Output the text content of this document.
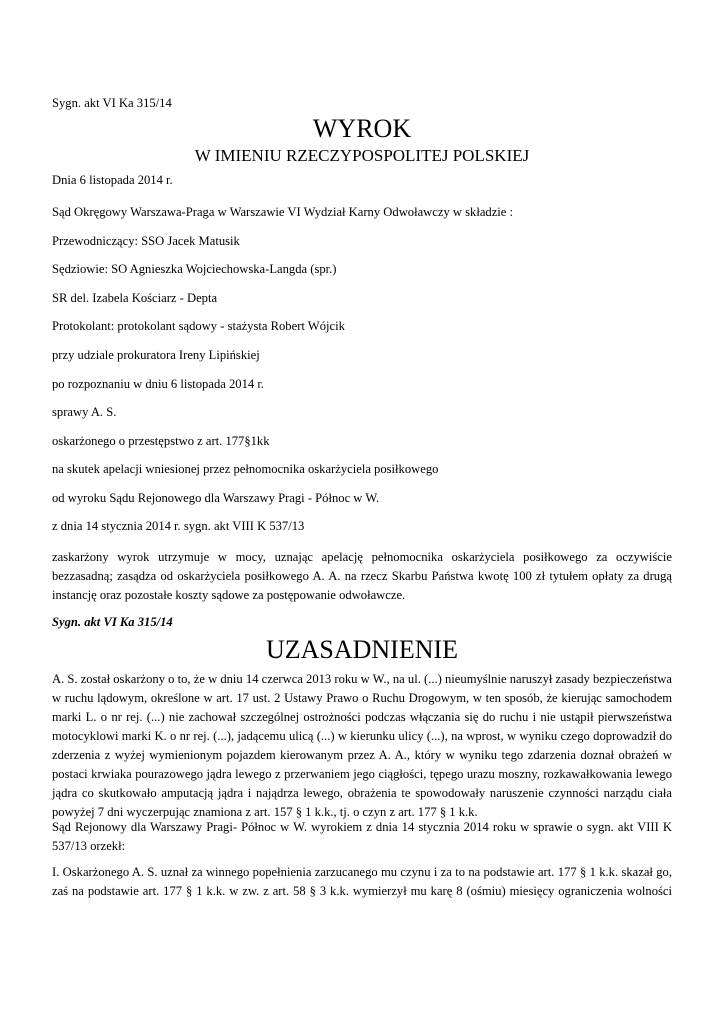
Sygn. akt VI Ka 315/14
WYROK
W IMIENIU RZECZYPOSPOLITEJ POLSKIEJ
Dnia 6 listopada 2014 r.
Sąd Okręgowy Warszawa-Praga w Warszawie VI Wydział Karny Odwoławczy w składzie :
Przewodniczący: SSO Jacek Matusik
Sędziowie: SO Agnieszka Wojciechowska-Langda (spr.)
SR del. Izabela Kościarz - Depta
Protokolant: protokolant sądowy - stażysta Robert Wójcik
przy udziale prokuratora Ireny Lipińskiej
po rozpoznaniu w dniu 6 listopada 2014 r.
sprawy A. S.
oskarżonego o przestępstwo z art. 177§1kk
na skutek apelacji wniesionej przez pełnomocnika oskarżyciela posiłkowego
od wyroku Sądu Rejonowego dla Warszawy Pragi - Północ w W.
z dnia 14 stycznia 2014 r. sygn. akt VIII K 537/13
zaskarżony wyrok utrzymuje w mocy, uznając apelację pełnomocnika oskarżyciela posiłkowego za oczywiście bezzasadną; zasądza od oskarżyciela posiłkowego A. A. na rzecz Skarbu Państwa kwotę 100 zł tytułem opłaty za drugą instancję oraz pozostałe koszty sądowe za postępowanie odwoławcze.
Sygn. akt VI Ka 315/14
UZASADNIENIE
A. S. został oskarżony o to, że w dniu 14 czerwca 2013 roku w W., na ul. (...) nieumyślnie naruszył zasady bezpieczeństwa w ruchu lądowym, określone w art. 17 ust. 2 Ustawy Prawo o Ruchu Drogowym, w ten sposób, że kierując samochodem marki L. o nr rej. (...) nie zachował szczególnej ostrożności podczas włączania się do ruchu i nie ustąpił pierwszeństwa motocyklowi marki K. o nr rej. (...), jadącemu ulicą (...) w kierunku ulicy (...), na wprost, w wyniku czego doprowadził do zderzenia z wyżej wymienionym pojazdem kierowanym przez A. A., który w wyniku tego zdarzenia doznał obrażeń w postaci krwiaka pourazowego jądra lewego z przerwaniem jego ciągłości, tępego urazu moszny, rozkawałkowania lewego jądra co skutkowało amputacją jądra i najądrza lewego, obrażenia te spowodowały naruszenie czynności narządu ciała powyżej 7 dni wyczerpując znamiona z art. 157 § 1 k.k., tj. o czyn z art. 177 § 1 k.k.
Sąd Rejonowy dla Warszawy Pragi- Północ w W. wyrokiem z dnia 14 stycznia 2014 roku w sprawie o sygn. akt VIII K 537/13 orzekł:
I. Oskarżonego A. S. uznał za winnego popełnienia zarzucanego mu czynu i za to na podstawie art. 177 § 1 k.k. skazał go, zaś na podstawie art. 177 § 1 k.k. w zw. z art. 58 § 3 k.k. wymierzył mu karę 8 (ośmiu) miesięcy ograniczenia wolności
